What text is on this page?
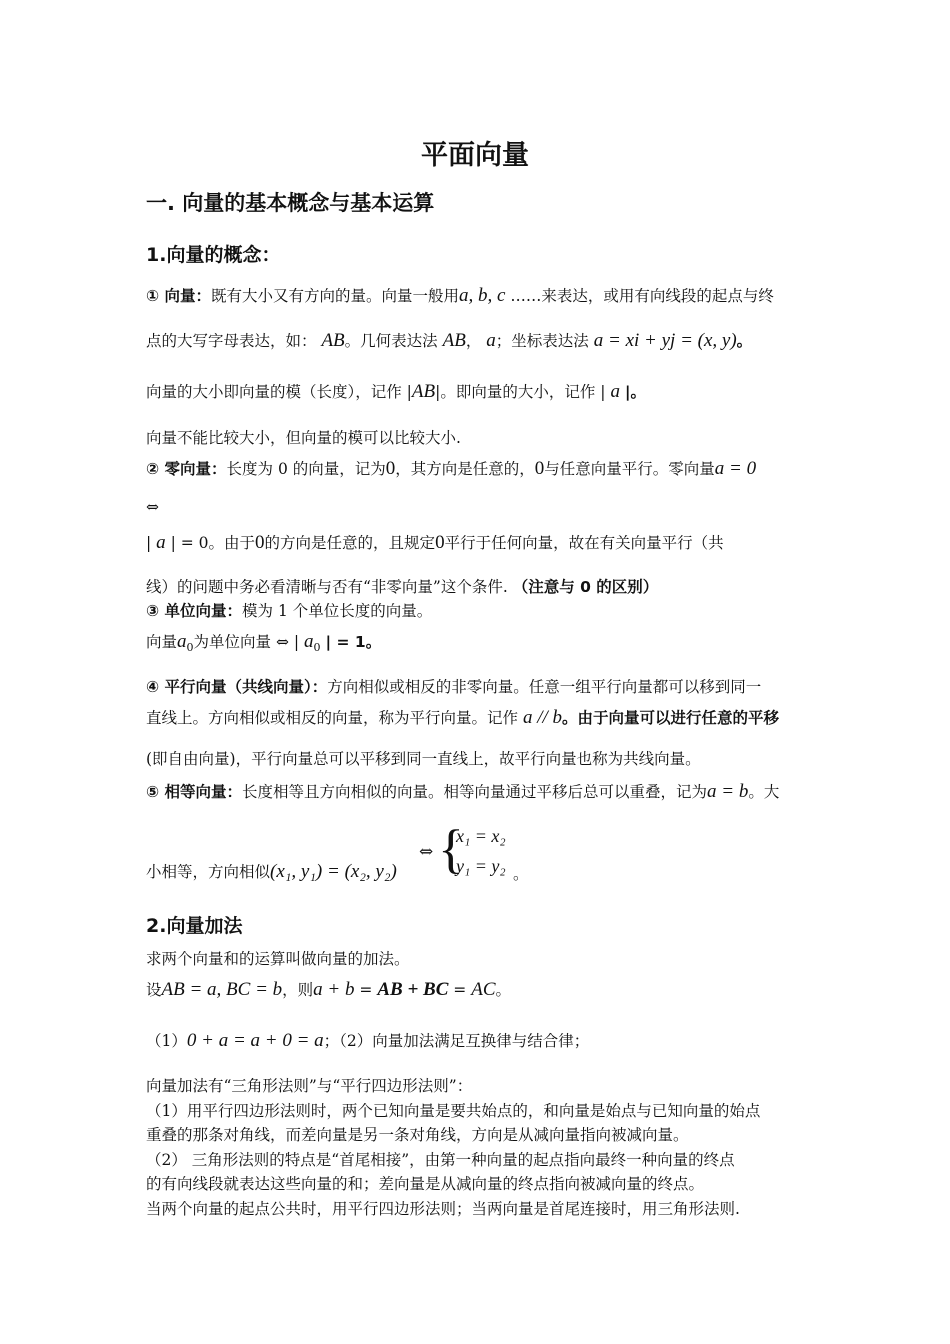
平面向量
一. 向量的基本概念与基本运算
1.向量的概念：
① 向量：既有大小又有方向的量。向量一般用a, b, c ……来表达，或用有向线段的起点与终
点的大写字母表达，如： AB。几何表达法 AB， a；坐标表达法 a = xi + yj = (x, y)。
向量的大小即向量的模（长度），记作 |AB|。即向量的大小，记作 | a |。
向量不能比较大小，但向量的模可以比较大小.
② 零向量：长度为 0 的向量，记为0，其方向是任意的，0与任意向量平行。零向量a = 0
⇔
| a | = 0。由于0的方向是任意的，且规定0平行于任何向量，故在有关向量平行（共
线）的问题中务必看清晰与否有“非零向量”这个条件. （注意与 0 的区别）
③ 单位向量：模为 1 个单位长度的向量。
向量$a_0$为单位向量 ⇔ | $a_0$ | = 1。
④ 平行向量（共线向量）：方向相似或相反的非零向量。任意一组平行向量都可以移到同一
直线上。方向相似或相反的向量，称为平行向量。记作 a // b。由于向量可以进行任意的平移
(即自由向量)，平行向量总可以平移到同一直线上，故平行向量也称为共线向量。
⑤ 相等向量：长度相等且方向相似的向量。相等向量通过平移后总可以重叠，记为a = b。大
小相等，方向相似(x₁, y₁) = (x₂, y₂)
⇔ {
x₁ = x₂
y₁ = y₂ 。
2.向量加法
求两个向量和的运算叫做向量的加法。
设AB = a, BC = b，则a + b = AB + BC = AC。
（1）0 + a = a + 0 = a；（2）向量加法满足互换律与结合律；
向量加法有“三角形法则”与“平行四边形法则”：
（1）用平行四边形法则时，两个已知向量是要共始点的，和向量是始点与已知向量的始点
重叠的那条对角线，而差向量是另一条对角线，方向是从减向量指向被减向量。
（2） 三角形法则的特点是“首尾相接”，由第一种向量的起点指向最终一种向量的终点
的有向线段就表达这些向量的和；差向量是从减向量的终点指向被减向量的终点。
当两个向量的起点公共时，用平行四边形法则；当两向量是首尾连接时，用三角形法则.
